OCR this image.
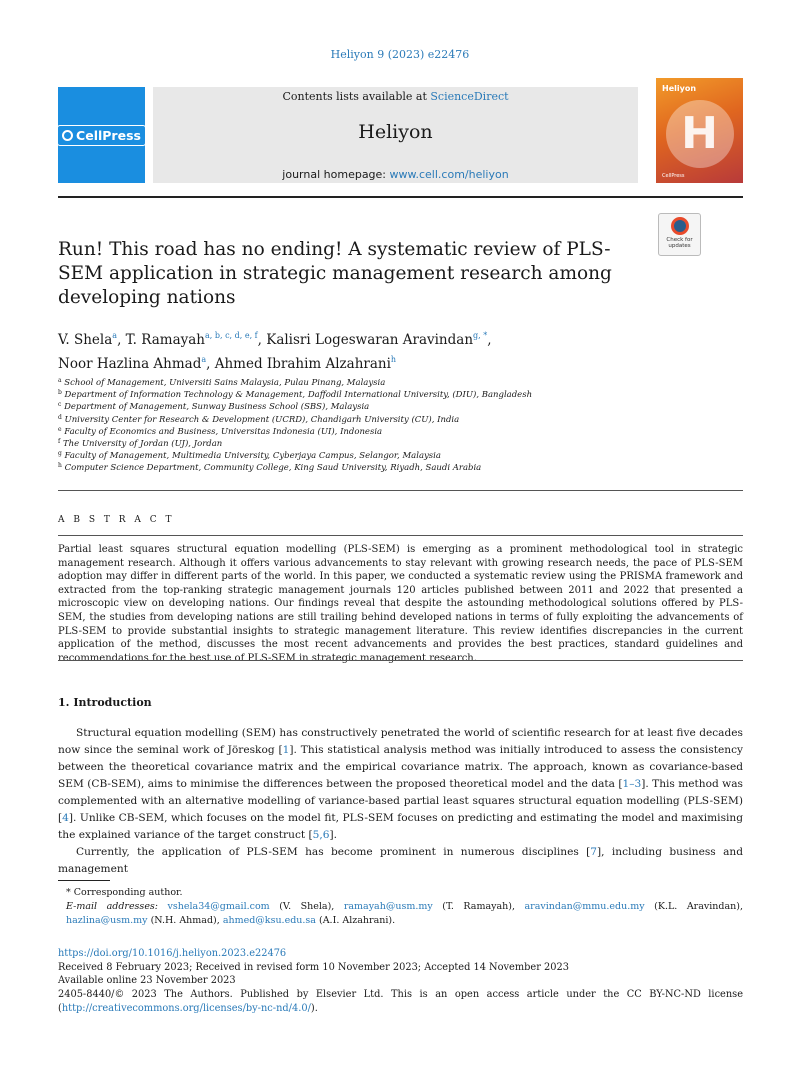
Heliyon 9 (2023) e22476
CellPress
Contents lists available at ScienceDirect
Heliyon
journal homepage: www.cell.com/heliyon
Heliyon
H
CellPress
Check for updates
Run! This road has no ending! A systematic review of PLS-SEM application in strategic management research among developing nations
V. Shela$^a$, T. Ramayah$^{a, b, c, d, e, f}$, Kalisri Logeswaran Aravindan$^{g, *}$,
Noor Hazlina Ahmad$^a$, Ahmed Ibrahim Alzahrani$^h$
$^a$ School of Management, Universiti Sains Malaysia, Pulau Pinang, Malaysia
$^b$ Department of Information Technology & Management, Daffodil International University, (DIU), Bangladesh
$^c$ Department of Management, Sunway Business School (SBS), Malaysia
$^d$ University Center for Research & Development (UCRD), Chandigarh University (CU), India
$^e$ Faculty of Economics and Business, Universitas Indonesia (UI), Indonesia
$^f$ The University of Jordan (UJ), Jordan
$^g$ Faculty of Management, Multimedia University, Cyberjaya Campus, Selangor, Malaysia
$^h$ Computer Science Department, Community College, King Saud University, Riyadh, Saudi Arabia
A B S T R A C T
Partial least squares structural equation modelling (PLS-SEM) is emerging as a prominent methodological tool in strategic management research. Although it offers various advancements to stay relevant with growing research needs, the pace of PLS-SEM adoption may differ in different parts of the world. In this paper, we conducted a systematic review using the PRISMA framework and extracted from the top-ranking strategic management journals 120 articles published between 2011 and 2022 that presented a microscopic view on developing nations. Our findings reveal that despite the astounding methodological solutions offered by PLS-SEM, the studies from developing nations are still trailing behind developed nations in terms of fully exploiting the advancements of PLS-SEM to provide substantial insights to strategic management literature. This review identifies discrepancies in the current application of the method, discusses the most recent advancements and provides the best practices, standard guidelines and recommendations for the best use of PLS-SEM in strategic management research.
1. Introduction

Structural equation modelling (SEM) has constructively penetrated the world of scientific research for at least five decades now since the seminal work of Jöreskog [1]. This statistical analysis method was initially introduced to assess the consistency between the theoretical covariance matrix and the empirical covariance matrix. The approach, known as covariance-based SEM (CB-SEM), aims to minimise the differences between the proposed theoretical model and the data [1–3]. This method was complemented with an alternative modelling of variance-based partial least squares structural equation modelling (PLS-SEM) [4]. Unlike CB-SEM, which focuses on the model fit, PLS-SEM focuses on predicting and estimating the model and maximising the explained variance of the target construct [5,6].

Currently, the application of PLS-SEM has become prominent in numerous disciplines [7], including business and management

* Corresponding author.
E-mail addresses: vshela34@gmail.com (V. Shela), ramayah@usm.my (T. Ramayah), aravindan@mmu.edu.my (K.L. Aravindan), hazlina@usm.my (N.H. Ahmad), ahmed@ksu.edu.sa (A.I. Alzahrani).
https://doi.org/10.1016/j.heliyon.2023.e22476
Received 8 February 2023; Received in revised form 10 November 2023; Accepted 14 November 2023
Available online 23 November 2023
2405-8440/© 2023 The Authors. Published by Elsevier Ltd. This is an open access article under the CC BY-NC-ND license (http://creativecommons.org/licenses/by-nc-nd/4.0/).
